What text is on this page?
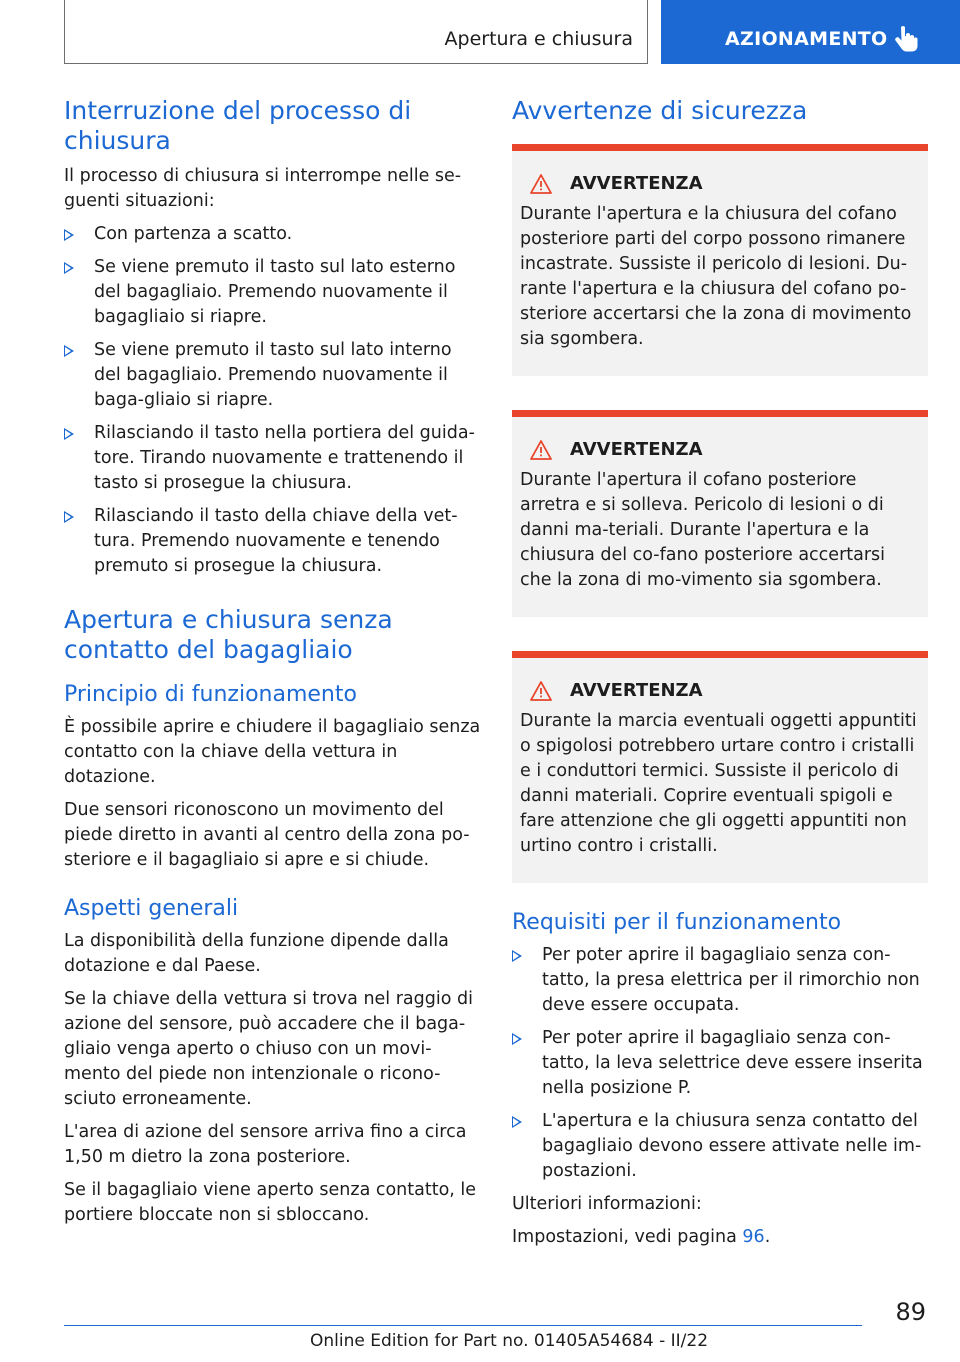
Apertura e chiusura	AZIONAMENTO
Interruzione del processo di chiusura

Il processo di chiusura si interrompe nelle se-guenti situazioni:

Con partenza a scatto.
Se viene premuto il tasto sul lato esterno del bagagliaio. Premendo nuovamente il bagagliaio si riapre.
Se viene premuto il tasto sul lato interno del bagagliaio. Premendo nuovamente il baga-gliaio si riapre.
Rilasciando il tasto nella portiera del guida-tore. Tirando nuovamente e trattenendo il tasto si prosegue la chiusura.
Rilasciando il tasto della chiave della vet-tura. Premendo nuovamente e tenendo premuto si prosegue la chiusura.
Apertura e chiusura senza contatto del bagagliaio
Principio di funzionamento

È possibile aprire e chiudere il bagagliaio senza contatto con la chiave della vettura in dotazione.

Due sensori riconoscono un movimento del piede diretto in avanti al centro della zona po-steriore e il bagagliaio si apre e si chiude.

Aspetti generali

La disponibilità della funzione dipende dalla dotazione e dal Paese.

Se la chiave della vettura si trova nel raggio di azione del sensore, può accadere che il baga-gliaio venga aperto o chiuso con un movi-mento del piede non intenzionale o ricono-sciuto erroneamente.

L'area di azione del sensore arriva fino a circa 1,50 m dietro la zona posteriore.

Se il bagagliaio viene aperto senza contatto, le portiere bloccate non si sbloccano.

Avvertenze di sicurezza
AVVERTENZA
Durante l'apertura e la chiusura del cofano posteriore parti del corpo possono rimanere incastrate. Sussiste il pericolo di lesioni. Du-rante l'apertura e la chiusura del cofano po-steriore accertarsi che la zona di movimento sia sgombera.
AVVERTENZA
Durante l'apertura il cofano posteriore arretra e si solleva. Pericolo di lesioni o di danni ma-teriali. Durante l'apertura e la chiusura del co-fano posteriore accertarsi che la zona di mo-vimento sia sgombera.
AVVERTENZA
Durante la marcia eventuali oggetti appuntiti o spigolosi potrebbero urtare contro i cristalli e i conduttori termici. Sussiste il pericolo di danni materiali. Coprire eventuali spigoli e fare attenzione che gli oggetti appuntiti non urtino contro i cristalli.
Requisiti per il funzionamento
Per poter aprire il bagagliaio senza con-tatto, la presa elettrica per il rimorchio non deve essere occupata.
Per poter aprire il bagagliaio senza con-tatto, la leva selettrice deve essere inserita nella posizione P.
L'apertura e la chiusura senza contatto del bagagliaio devono essere attivate nelle im-postazioni.

Ulteriori informazioni:

Impostazioni, vedi pagina 96.

89
Online Edition for Part no. 01405A54684 - II/22
